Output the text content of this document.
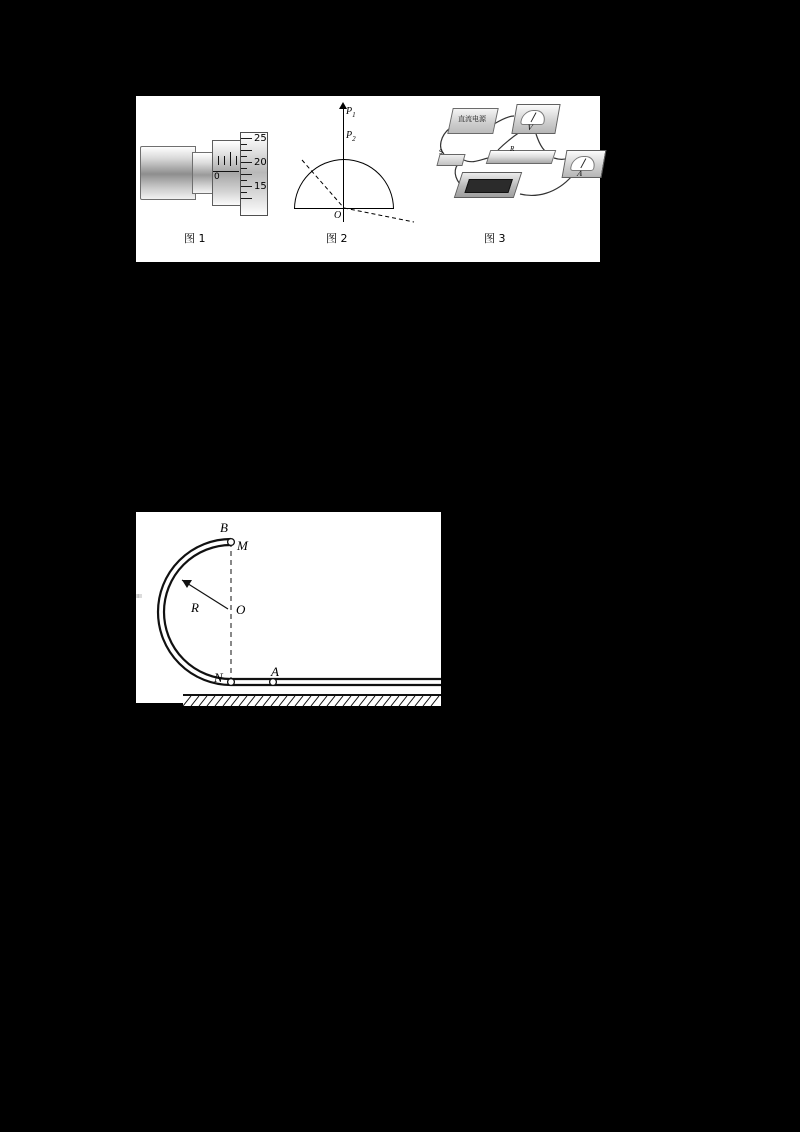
0
25
20
15
图 1
$P_1$
$P_2$
O
图 2
直流电源
V
A
R
S
图 3
|||||||
B
M
R	O
N	A
